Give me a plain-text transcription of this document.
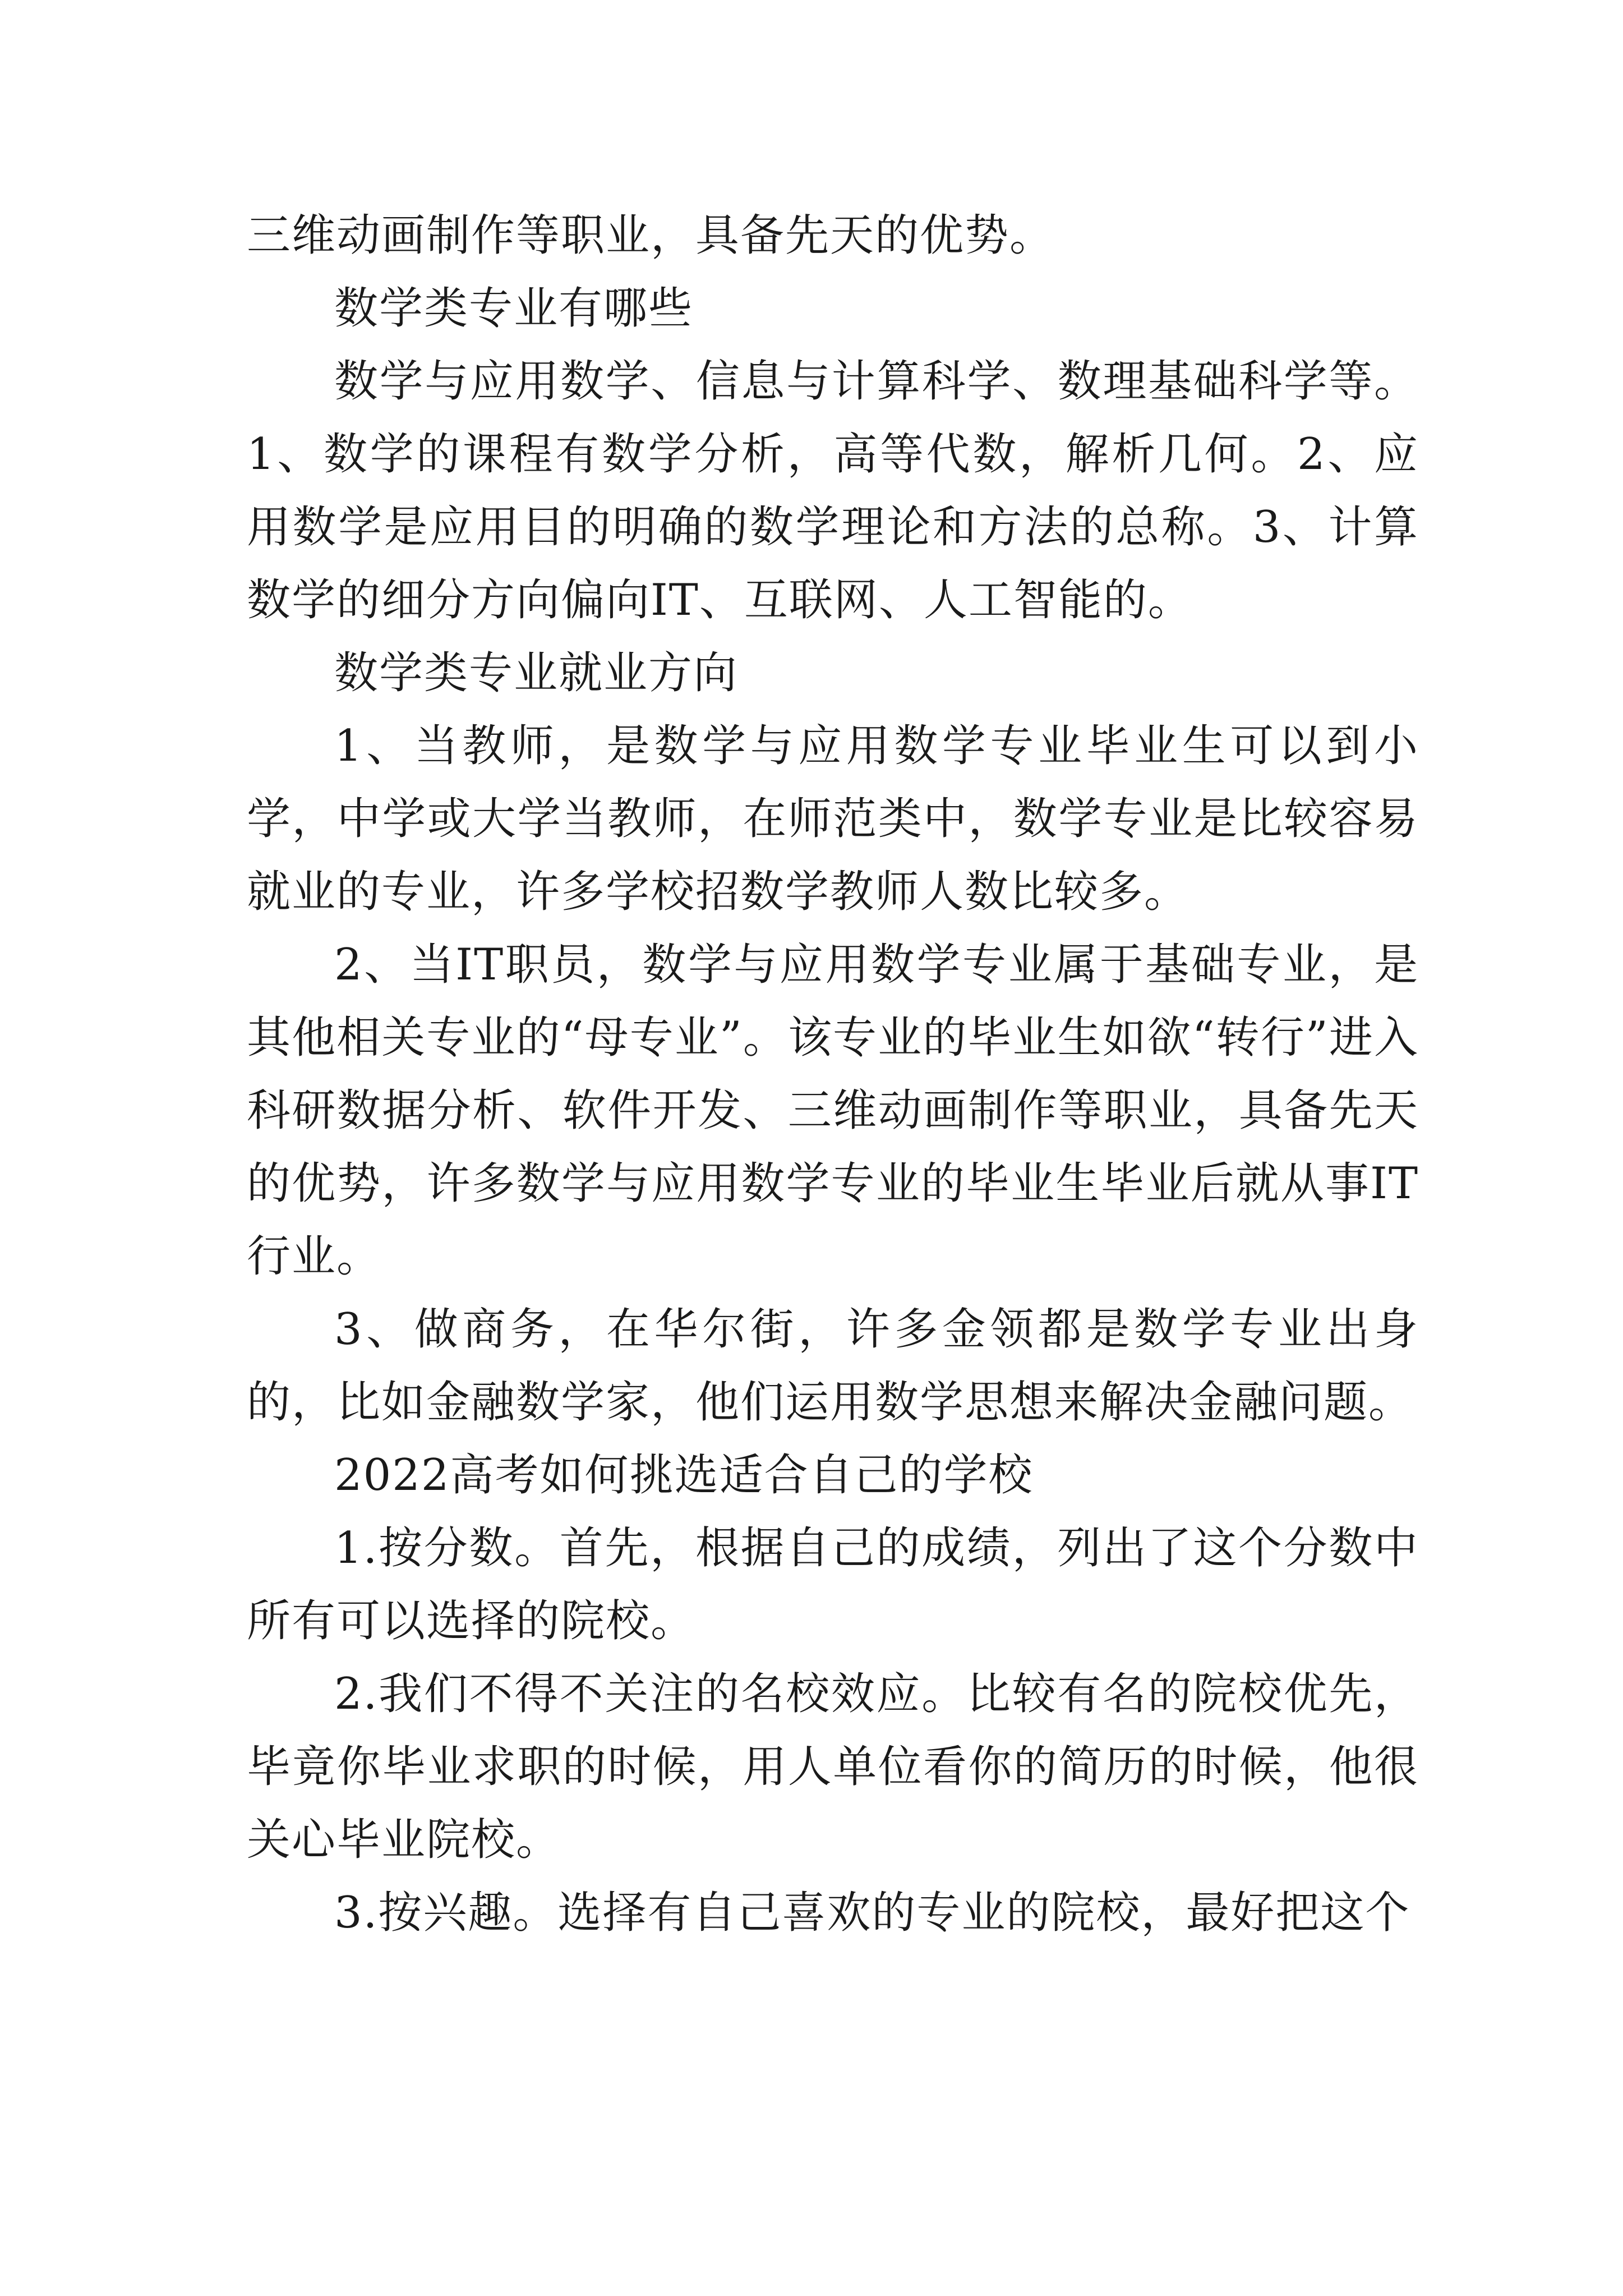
三维动画制作等职业，具备先天的优势。

数学类专业有哪些

数学与应用数学、信息与计算科学、数理基础科学等。1、数学的课程有数学分析，高等代数，解析几何。2、应用数学是应用目的明确的数学理论和方法的总称。3、计算数学的细分方向偏向IT、互联网、人工智能的。

数学类专业就业方向

1、当教师，是数学与应用数学专业毕业生可以到小学，中学或大学当教师，在师范类中，数学专业是比较容易就业的专业，许多学校招数学教师人数比较多。

2、当IT职员，数学与应用数学专业属于基础专业，是其他相关专业的“母专业”。该专业的毕业生如欲“转行”进入科研数据分析、软件开发、三维动画制作等职业，具备先天的优势，许多数学与应用数学专业的毕业生毕业后就从事IT行业。

3、做商务，在华尔街，许多金领都是数学专业出身的，比如金融数学家，他们运用数学思想来解决金融问题。

2022高考如何挑选适合自己的学校

1.按分数。首先，根据自己的成绩，列出了这个分数中所有可以选择的院校。

2.我们不得不关注的名校效应。比较有名的院校优先，毕竟你毕业求职的时候，用人单位看你的简历的时候，他很关心毕业院校。

3.按兴趣。选择有自己喜欢的专业的院校，最好把这个
